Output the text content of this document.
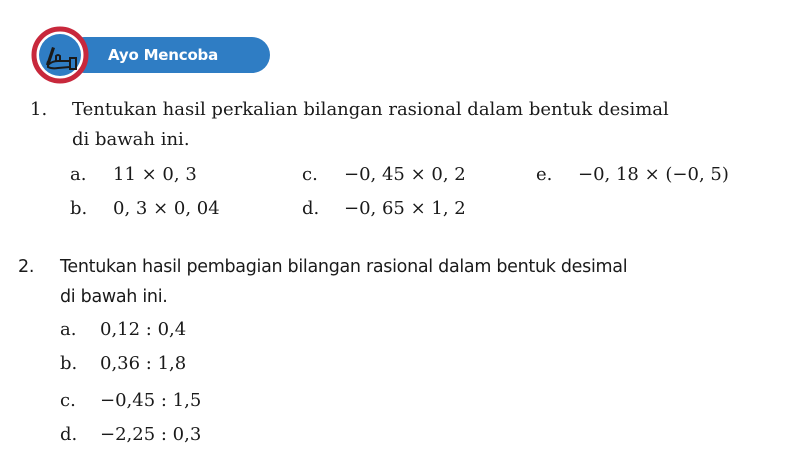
Ayo Mencoba
1. Tentukan hasil perkalian bilangan rasional dalam bentuk desimal
di bawah ini.
a. 11 × 0, 3	c. −0, 45 × 0, 2	e. −0, 18 × (−0, 5)
b. 0, 3 × 0, 04	d. −0, 65 × 1, 2
2. Tentukan hasil pembagian bilangan rasional dalam bentuk desimal
di bawah ini.
a. 0,12 : 0,4
b. 0,36 : 1,8
c. −0,45 : 1,5
d. −2,25 : 0,3
